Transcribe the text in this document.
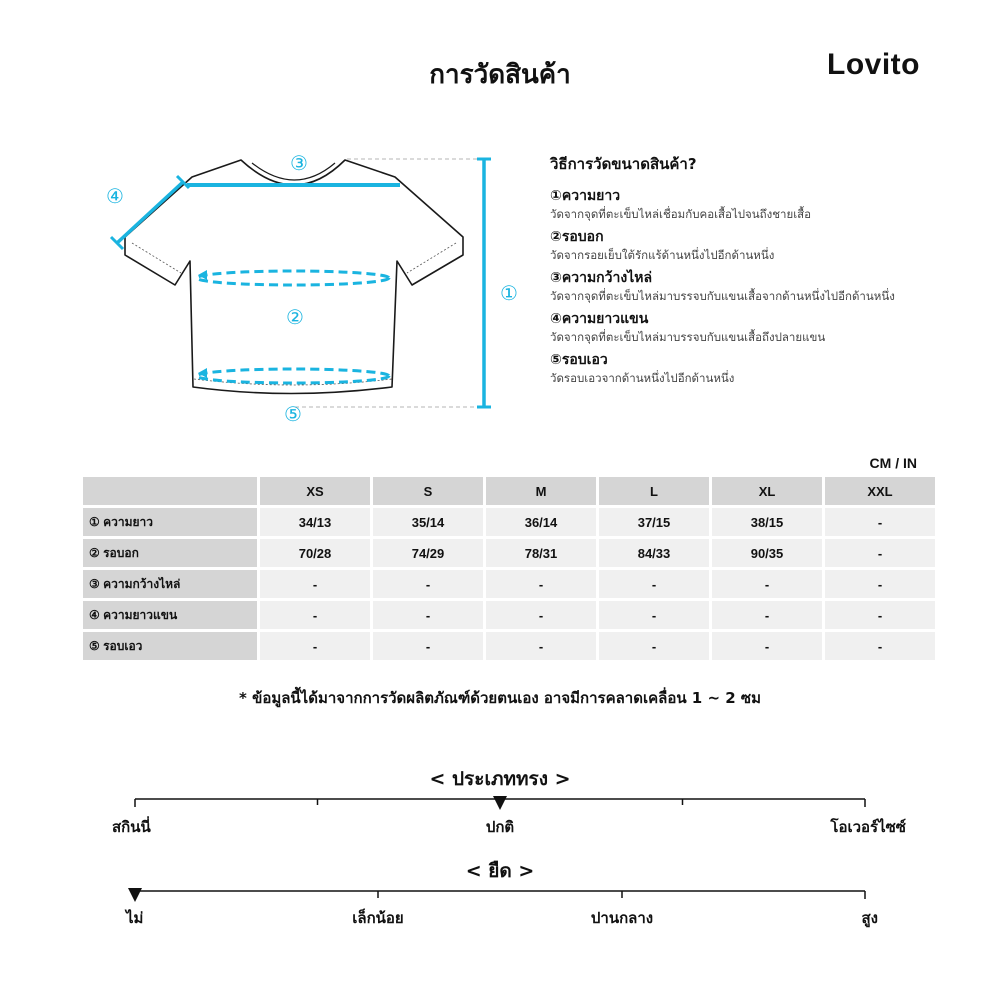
การวัดสินค้า	Lovito
③
④
②
⑤
①
วิธีการวัดขนาดสินค้า?
①ความยาว
วัดจากจุดที่ตะเข็บไหล่เชื่อมกับคอเสื้อไปจนถึงชายเสื้อ
②รอบอก
วัดจากรอยเย็บใต้รักแร้ด้านหนึ่งไปอีกด้านหนึ่ง
③ความกว้างไหล่
วัดจากจุดที่ตะเข็บไหล่มาบรรจบกับแขนเสื้อจากด้านหนึ่งไปอีกด้านหนึ่ง
④ความยาวแขน
วัดจากจุดที่ตะเข็บไหล่มาบรรจบกับแขนเสื้อถึงปลายแขน
⑤รอบเอว
วัดรอบเอวจากด้านหนึ่งไปอีกด้านหนึ่ง
CM / IN
	XS	S	M	L	XL	XXL
① ความยาว	34/13	35/14	36/14	37/15	38/15	-
② รอบอก	70/28	74/29	78/31	84/33	90/35	-
③ ความกว้างไหล่	-	-	-	-	-	-
④ ความยาวแขน	-	-	-	-	-	-
⑤ รอบเอว	-	-	-	-	-	-
* ข้อมูลนี้ได้มาจากการวัดผลิตภัณฑ์ด้วยตนเอง อาจมีการคลาดเคลื่อน 1 ~ 2 ซม
< ประเภททรง >
สกินนี่	ปกติ	โอเวอร์ไซซ์
< ยืด >
ไม่	เล็กน้อย	ปานกลาง	สูง
